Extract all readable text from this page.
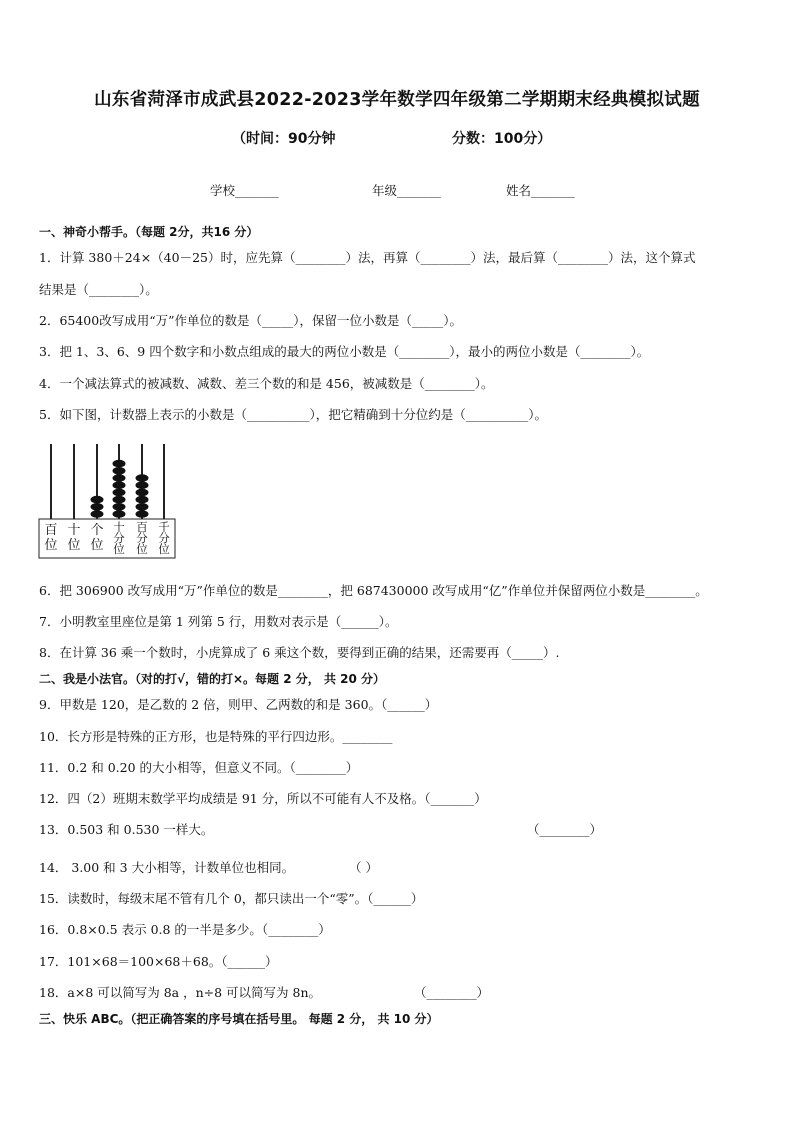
山东省菏泽市成武县2022-2023学年数学四年级第二学期期末经典模拟试题
（时间：90分钟	分数：100分）
学校_______	年级_______	姓名_______
一、神奇小帮手。（每题 2分，共16 分）
1．计算 380＋24×（40－25）时，应先算（________）法，再算（________）法，最后算（________）法，这个算式
结果是（________）。
2．65400改写成用“万”作单位的数是（_____），保留一位小数是（_____）。
3．把 1、3、6、9 四个数字和小数点组成的最大的两位小数是（________），最小的两位小数是（________）。
4．一个减法算式的被减数、减数、差三个数的和是 456，被减数是（________）。
5．如下图，计数器上表示的小数是（__________），把它精确到十分位约是（__________）。
百
位
十
位
个
位
十
分
位
百
分
位
千
分
位
6．把 306900 改写成用“万”作单位的数是________，把 687430000 改写成用“亿”作单位并保留两位小数是________。
7．小明教室里座位是第 1 列第 5 行，用数对表示是（______）。
8．在计算 36 乘一个数时，小虎算成了 6 乘这个数，要得到正确的结果，还需要再（_____）.
二、我是小法官。（对的打√，错的打×。每题 2 分， 共 20 分）
9．甲数是 120，是乙数的 2 倍，则甲、乙两数的和是 360。（______）
10．长方形是特殊的正方形，也是特殊的平行四边形。________
11．0.2 和 0.20 的大小相等，但意义不同。（________）
12．四（2）班期末数学平均成绩是 91 分，所以不可能有人不及格。（_______）
13．0.503 和 0.530 一样大。	（________）
14． 3.00 和 3 大小相等，计数单位也相同。	（ ）
15．读数时，每级末尾不管有几个 0，都只读出一个“零”。（______）
16．0.8×0.5 表示 0.8 的一半是多少。（________）
17．101×68＝100×68＋68。（______）
18．a×8 可以简写为 8a ，n÷8 可以简写为 8n。	（________）
三、快乐 ABC。（把正确答案的序号填在括号里。 每题 2 分， 共 10 分）
